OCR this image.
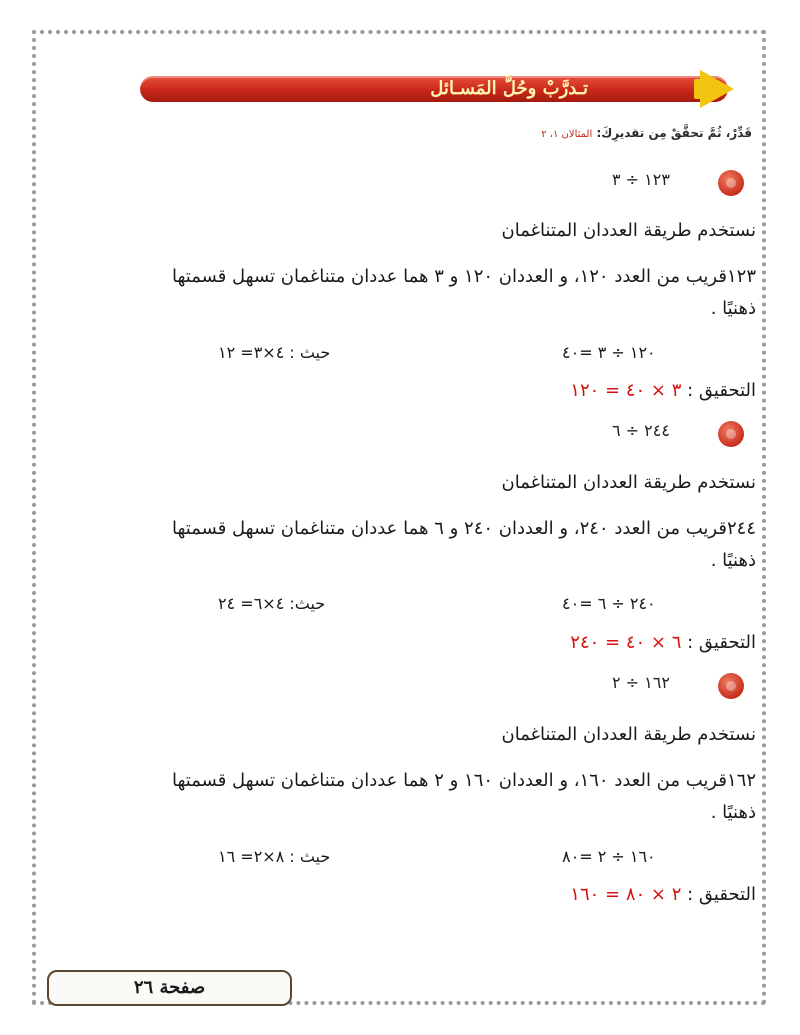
تـدرَّبْ وحُلَّ المَسـائل
قَدِّرْ، ثُمَّ تحقَّقْ مِن تقديرِكَ: المثالان ١، ٢
١٢٣ ÷ ٣
نستخدم طريقة العددان المتناغمان
١٢٣قريب من العدد ١٢٠، و العددان ١٢٠ و ٣ هما عددان متناغمان تسهل قسمتها
ذهنيًا .
١٢٠ ÷ ٣ =٤٠
حيث : ٤×٣= ١٢
التحقيق : ٣ × ٤٠ = ١٢٠
٢٤٤ ÷ ٦
نستخدم طريقة العددان المتناغمان
٢٤٤قريب من العدد ٢٤٠، و العددان ٢٤٠ و ٦ هما عددان متناغمان تسهل قسمتها
ذهنيًا .
٢٤٠ ÷ ٦ =٤٠
حيث: ٤×٦= ٢٤
التحقيق : ٦ × ٤٠ = ٢٤٠
١٦٢ ÷ ٢
نستخدم طريقة العددان المتناغمان
١٦٢قريب من العدد ١٦٠، و العددان ١٦٠ و ٢ هما عددان متناغمان تسهل قسمتها
ذهنيًا .
١٦٠ ÷ ٢ =٨٠
حيث : ٨×٢= ١٦
التحقيق : ٢ × ٨٠ = ١٦٠
صفحة ٢٦
